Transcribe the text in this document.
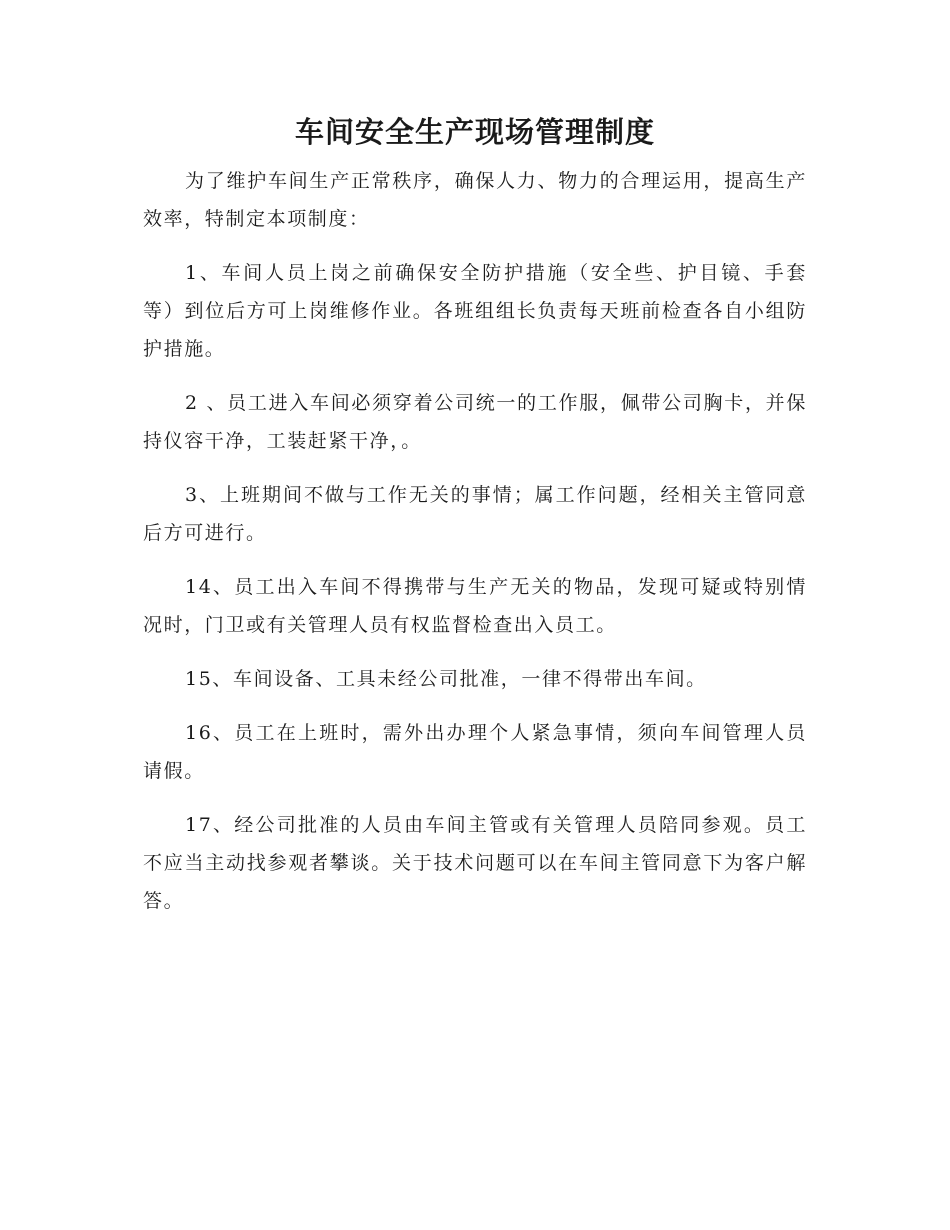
车间安全生产现场管理制度

为了维护车间生产正常秩序，确保人力、物力的合理运用，提高生产效率，特制定本项制度：

1、车间人员上岗之前确保安全防护措施（安全些、护目镜、手套等）到位后方可上岗维修作业。各班组组长负责每天班前检查各自小组防护措施。

2 、员工进入车间必须穿着公司统一的工作服，佩带公司胸卡，并保持仪容干净，工装赶紧干净，。

3、上班期间不做与工作无关的事情；属工作问题，经相关主管同意后方可进行。

14、员工出入车间不得携带与生产无关的物品，发现可疑或特别情况时，门卫或有关管理人员有权监督检查出入员工。

15、车间设备、工具未经公司批准，一律不得带出车间。

16、员工在上班时，需外出办理个人紧急事情，须向车间管理人员请假。

17、经公司批准的人员由车间主管或有关管理人员陪同参观。员工不应当主动找参观者攀谈。关于技术问题可以在车间主管同意下为客户解答。
